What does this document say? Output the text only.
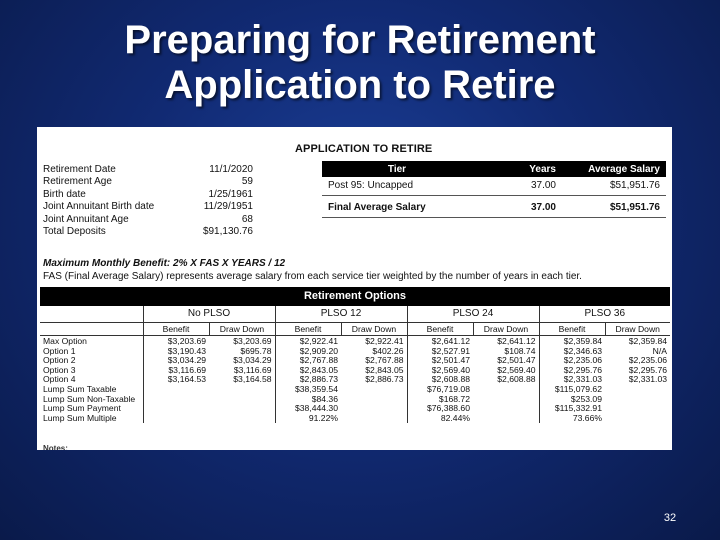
Preparing for Retirement
Application to Retire
APPLICATION TO RETIRE
Retirement Date	11/1/2020
Retirement Age	59
Birth date	1/25/1961
Joint Annuitant Birth date	11/29/1951
Joint Annuitant Age	68
Total Deposits	$91,130.76
Tier	Years	Average Salary
Post 95: Uncapped	37.00	$51,951.76

Final Average Salary	37.00	$51,951.76
Maximum Monthly Benefit: 2% X FAS X YEARS / 12
FAS (Final Average Salary) represents average salary from each service tier weighted by the number of years in each tier.
Retirement Options
	No PLSO		PLSO 12		PLSO 24		PLSO 36	
	Benefit	Draw Down	Benefit	Draw Down	Benefit	Draw Down	Benefit	Draw Down
Max Option	$3,203.69	$3,203.69	$2,922.41	$2,922.41	$2,641.12	$2,641.12	$2,359.84	$2,359.84
Option 1	$3,190.43	$695.78	$2,909.20	$402.26	$2,527.91	$108.74	$2,346.63	N/A
Option 2	$3,034.29	$3,034.29	$2,767.88	$2,767.88	$2,501.47	$2,501.47	$2,235.06	$2,235.06
Option 3	$3,116.69	$3,116.69	$2,843.05	$2,843.05	$2,569.40	$2,569.40	$2,295.76	$2,295.76
Option 4	$3,164.53	$3,164.58	$2,886.73	$2,886.73	$2,608.88	$2,608.88	$2,331.03	$2,331.03
Lump Sum Taxable			$38,359.54		$76,719.08		$115,079.62	
Lump Sum Non-Taxable			$84.36		$168.72		$253.09	
Lump Sum Payment			$38,444.30		$76,388.60		$115,332.91	
Lump Sum Multiple			91.22%		82.44%		73.66%	
Notes:
32
